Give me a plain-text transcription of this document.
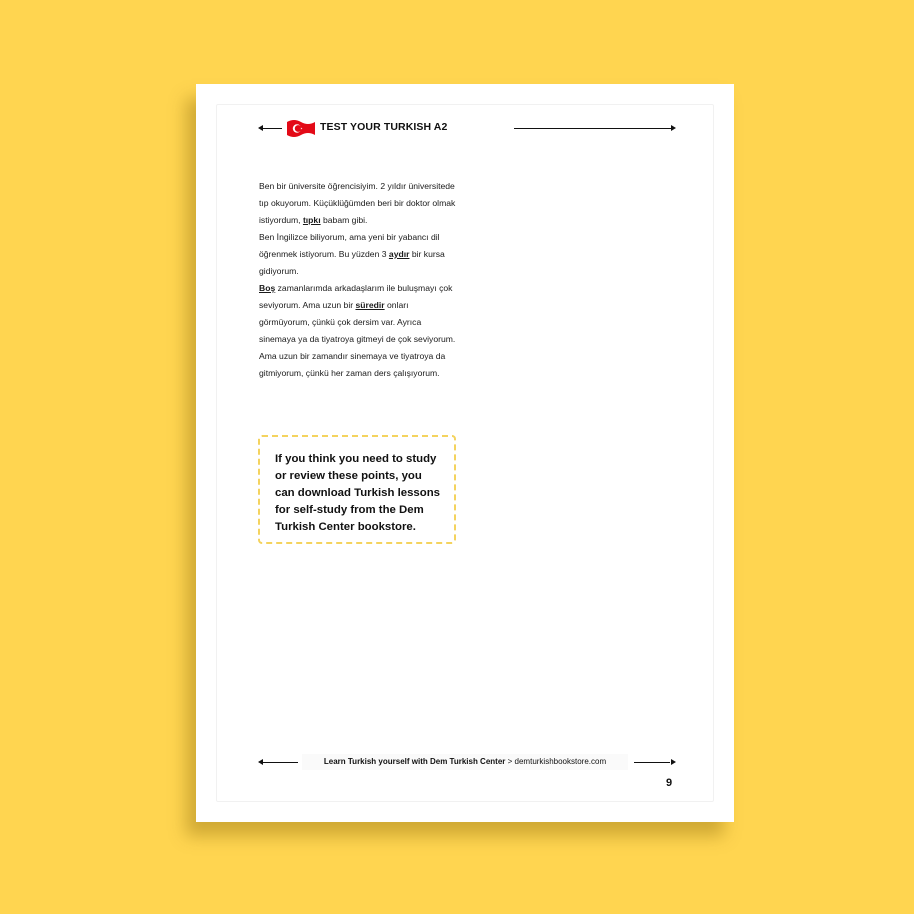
TEST YOUR TURKISH A2

Ben bir üniversite öğrencisiyim. 2 yıldır üniversitede tıp okuyorum. Küçüklüğümden beri bir doktor olmak istiyordum, tıpkı babam gibi.

Ben İngilizce biliyorum, ama yeni bir yabancı dil öğrenmek istiyorum. Bu yüzden 3 aydır bir kursa gidiyorum.

Boş zamanlarımda arkadaşlarım ile buluşmayı çok seviyorum. Ama uzun bir süredir onları görmüyorum, çünkü çok dersim var. Ayrıca sinemaya ya da tiyatroya gitmeyi de çok seviyorum. Ama uzun bir zamandır sinemaya ve tiyatroya da gitmiyorum, çünkü her zaman ders çalışıyorum.

If you think you need to study or review these points, you can download Turkish lessons for self-study from the Dem Turkish Center bookstore.
Learn Turkish yourself with Dem Turkish Center > demturkishbookstore.com
9
